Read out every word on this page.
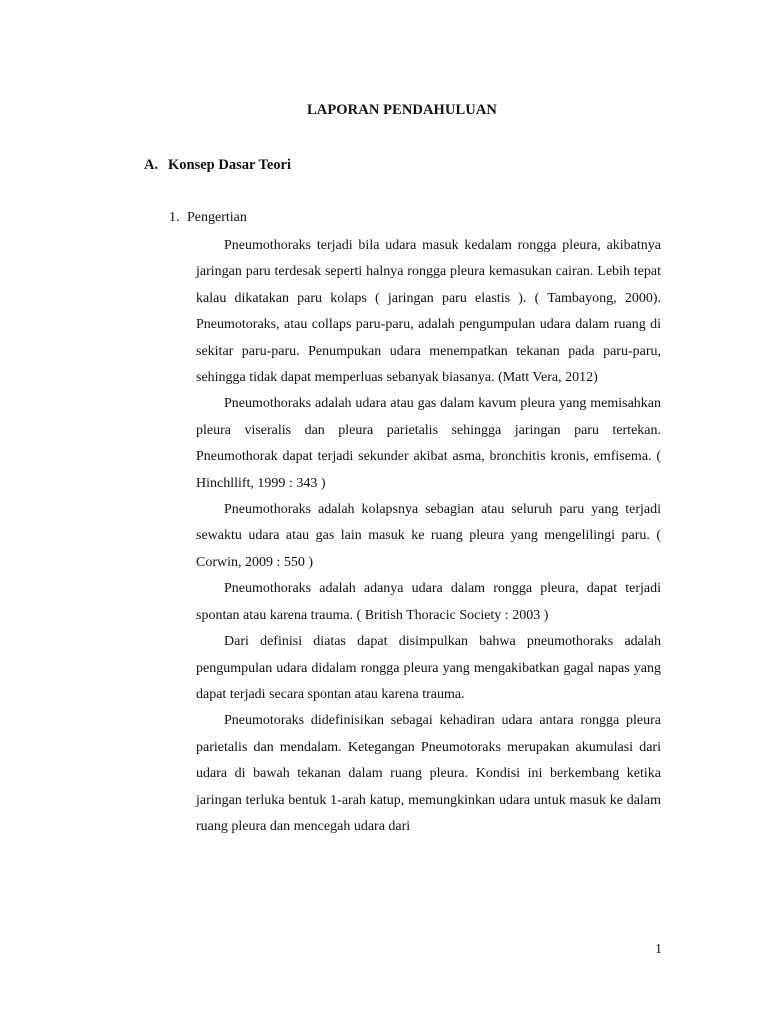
LAPORAN PENDAHULUAN
A. Konsep Dasar Teori
1. Pengertian

Pneumothoraks terjadi bila udara masuk kedalam rongga pleura, akibatnya jaringan paru terdesak seperti halnya rongga pleura kemasukan cairan. Lebih tepat kalau dikatakan paru kolaps ( jaringan paru elastis ). ( Tambayong, 2000). Pneumotoraks, atau collaps paru-paru, adalah pengumpulan udara dalam ruang di sekitar paru-paru. Penumpukan udara menempatkan tekanan pada paru-paru, sehingga tidak dapat memperluas sebanyak biasanya. (Matt Vera, 2012)

Pneumothoraks adalah udara atau gas dalam kavum pleura yang memisahkan pleura viseralis dan pleura parietalis sehingga jaringan paru tertekan. Pneumothorak dapat terjadi sekunder akibat asma, bronchitis kronis, emfisema. ( Hinchllift, 1999 : 343 )

Pneumothoraks adalah kolapsnya sebagian atau seluruh paru yang terjadi sewaktu udara atau gas lain masuk ke ruang pleura yang mengelilingi paru. ( Corwin, 2009 : 550 )

Pneumothoraks adalah adanya udara dalam rongga pleura, dapat terjadi spontan atau karena trauma. ( British Thoracic Society : 2003 )

Dari definisi diatas dapat disimpulkan bahwa pneumothoraks adalah pengumpulan udara didalam rongga pleura yang mengakibatkan gagal napas yang dapat terjadi secara spontan atau karena trauma.

Pneumotoraks didefinisikan sebagai kehadiran udara antara rongga pleura parietalis dan mendalam. Ketegangan Pneumotoraks merupakan akumulasi dari udara di bawah tekanan dalam ruang pleura. Kondisi ini berkembang ketika jaringan terluka bentuk 1-arah katup, memungkinkan udara untuk masuk ke dalam ruang pleura dan mencegah udara dari

1
